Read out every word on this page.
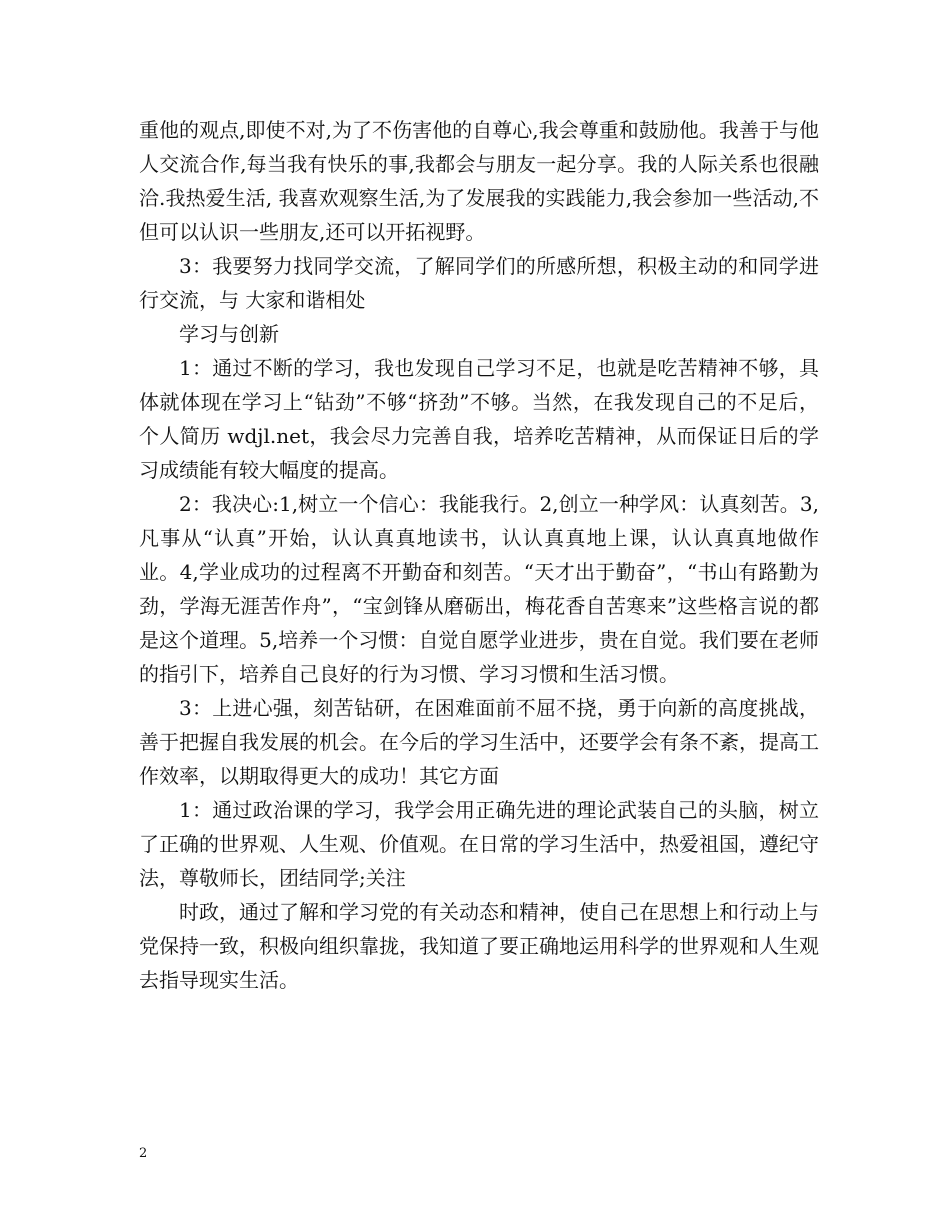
重他的观点,即使不对,为了不伤害他的自尊心,我会尊重和鼓励他。我善于与他人交流合作,每当我有快乐的事,我都会与朋友一起分享。我的人际关系也很融洽.我热爱生活, 我喜欢观察生活,为了发展我的实践能力,我会参加一些活动,不但可以认识一些朋友,还可以开拓视野。

3：我要努力找同学交流，了解同学们的所感所想，积极主动的和同学进行交流，与 大家和谐相处

学习与创新

1：通过不断的学习，我也发现自己学习不足，也就是吃苦精神不够，具体就体现在学习上“钻劲”不够“挤劲”不够。当然，在我发现自己的不足后，个人简历 wdjl.net，我会尽力完善自我，培养吃苦精神，从而保证日后的学习成绩能有较大幅度的提高。

2：我决心:1,树立一个信心：我能我行。2,创立一种学风：认真刻苦。3,凡事从“认真”开始，认认真真地读书，认认真真地上课，认认真真地做作业。4,学业成功的过程离不开勤奋和刻苦。“天才出于勤奋”，“书山有路勤为劲，学海无涯苦作舟”，“宝剑锋从磨砺出，梅花香自苦寒来”这些格言说的都是这个道理。5,培养一个习惯：自觉自愿学业进步，贵在自觉。我们要在老师的指引下，培养自己良好的行为习惯、学习习惯和生活习惯。

3：上进心强，刻苦钻研，在困难面前不屈不挠，勇于向新的高度挑战，善于把握自我发展的机会。在今后的学习生活中，还要学会有条不紊，提高工作效率，以期取得更大的成功！其它方面

1：通过政治课的学习，我学会用正确先进的理论武装自己的头脑，树立了正确的世界观、人生观、价值观。在日常的学习生活中，热爱祖国，遵纪守法，尊敬师长，团结同学;关注

时政，通过了解和学习党的有关动态和精神，使自己在思想上和行动上与党保持一致，积极向组织靠拢，我知道了要正确地运用科学的世界观和人生观去指导现实生活。

2
